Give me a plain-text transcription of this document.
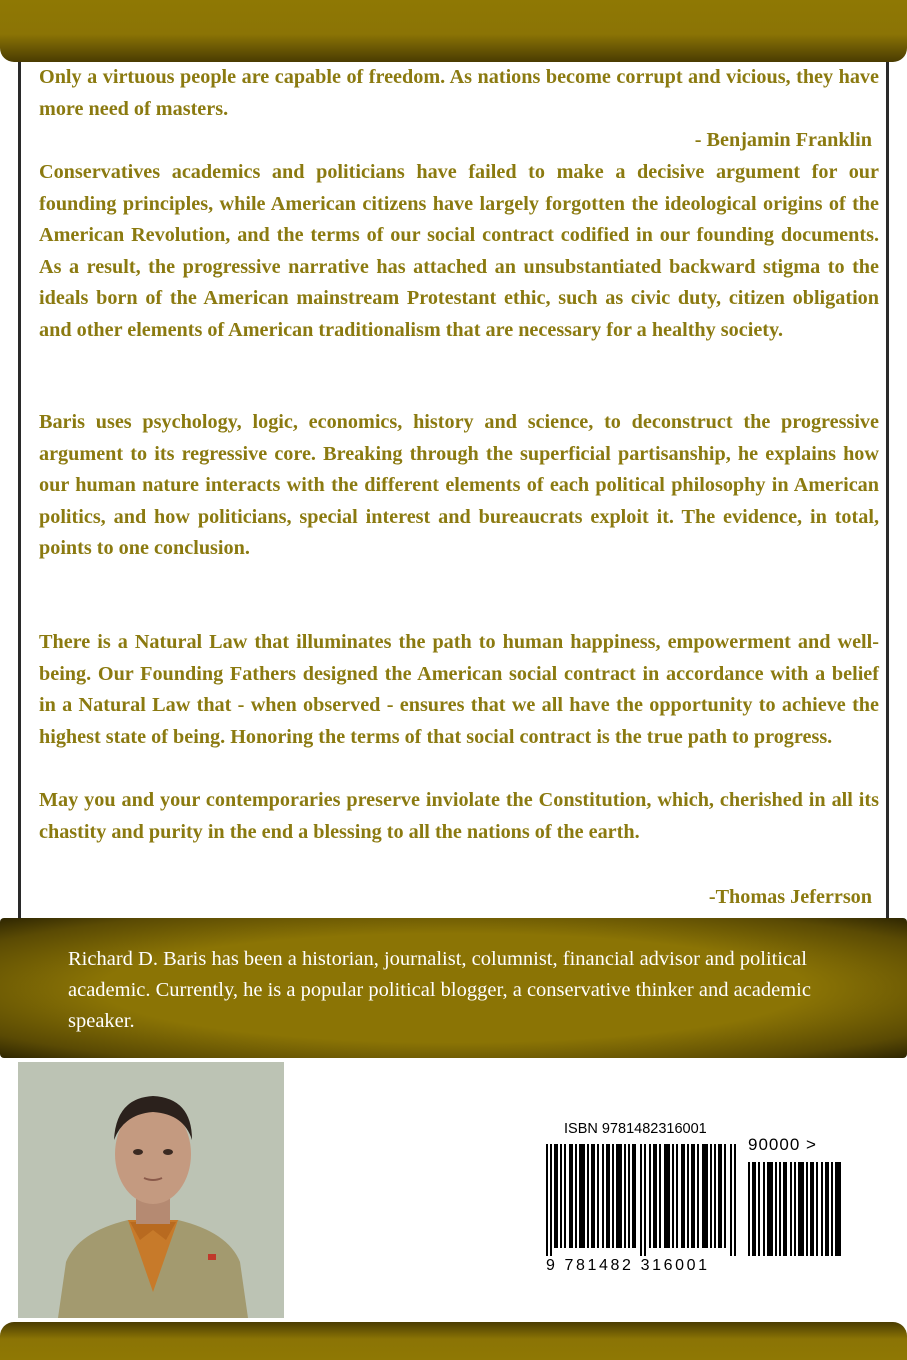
Only a virtuous people are capable of freedom. As nations become corrupt and vicious, they have more need of masters.

- Benjamin Franklin

Conservatives academics and politicians have failed to make a decisive argument for our founding principles, while American citizens have largely forgotten the ideological origins of the American Revolution, and the terms of our social contract codified in our founding documents. As a result, the progressive narrative has attached an unsubstantiated backward stigma to the ideals born of the American mainstream Protestant ethic, such as civic duty, citizen obligation and other elements of American traditionalism that are necessary for a healthy society.

Baris uses psychology, logic, economics, history and science, to deconstruct the progressive argument to its regressive core. Breaking through the superficial partisanship, he explains how our human nature interacts with the different elements of each political philosophy in American politics, and how politicians, special interest and bureaucrats exploit it. The evidence, in total, points to one conclusion.

There is a Natural Law that illuminates the path to human happiness, empowerment and well-being. Our Founding Fathers designed the American social contract in accordance with a belief in a Natural Law that - when observed - ensures that we all have the opportunity to achieve the highest state of being. Honoring the terms of that social contract is the true path to progress.

May you and your contemporaries preserve inviolate the Constitution, which, cherished in all its chastity and purity in the end a blessing to all the nations of the earth.

-Thomas Jeferrson

Richard D. Baris has been a historian, journalist, columnist, financial advisor and political academic. Currently, he is a popular political blogger, a conservative thinker and academic speaker.

ISBN 9781482316001
90000 >
9 781482 316001
